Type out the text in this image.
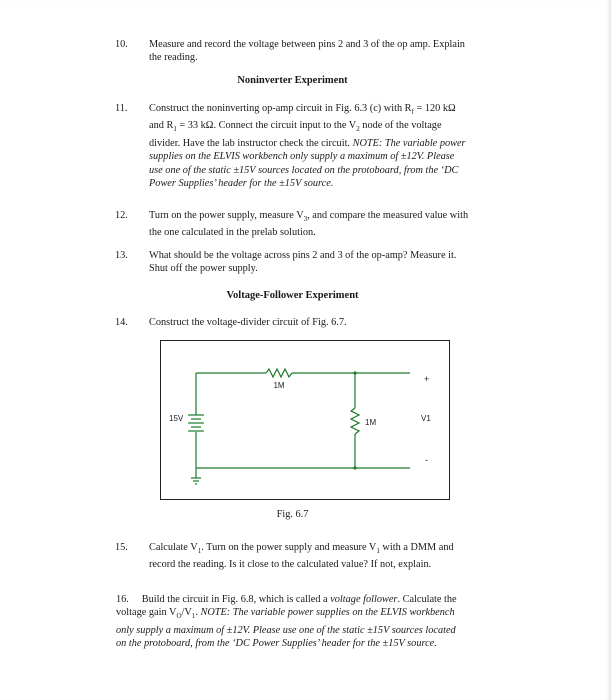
10. Measure and record the voltage between pins 2 and 3 of the op amp. Explain the reading.
Noninverter Experiment
11. Construct the noninverting op-amp circuit in Fig. 6.3 (c) with $R_f = 120$ kΩ and $R_1 = 33$ kΩ. Connect the circuit input to the $V_2$ node of the voltage divider. Have the lab instructor check the circuit. NOTE: The variable power supplies on the ELVIS workbench only supply a maximum of ±12V. Please use one of the static ±15V sources located on the protoboard, from the ‘DC Power Supplies’ header for the ±15V source.
12. Turn on the power supply, measure $V_3$, and compare the measured value with the one calculated in the prelab solution.
13. What should be the voltage across pins 2 and 3 of the op-amp? Measure it. Shut off the power supply.
Voltage-Follower Experiment
14. Construct the voltage-divider circuit of Fig. 6.7.
1M
1M
15V	V1
+
-
Fig. 6.7
15. Calculate $V_1$. Turn on the power supply and measure $V_1$ with a DMM and record the reading. Is it close to the calculated value? If not, explain.
16. Build the circuit in Fig. 6.8, which is called a voltage follower. Calculate the voltage gain $V_O/V_1$. NOTE: The variable power supplies on the ELVIS workbench only supply a maximum of ±12V. Please use one of the static ±15V sources located on the protoboard, from the ‘DC Power Supplies’ header for the ±15V source.
